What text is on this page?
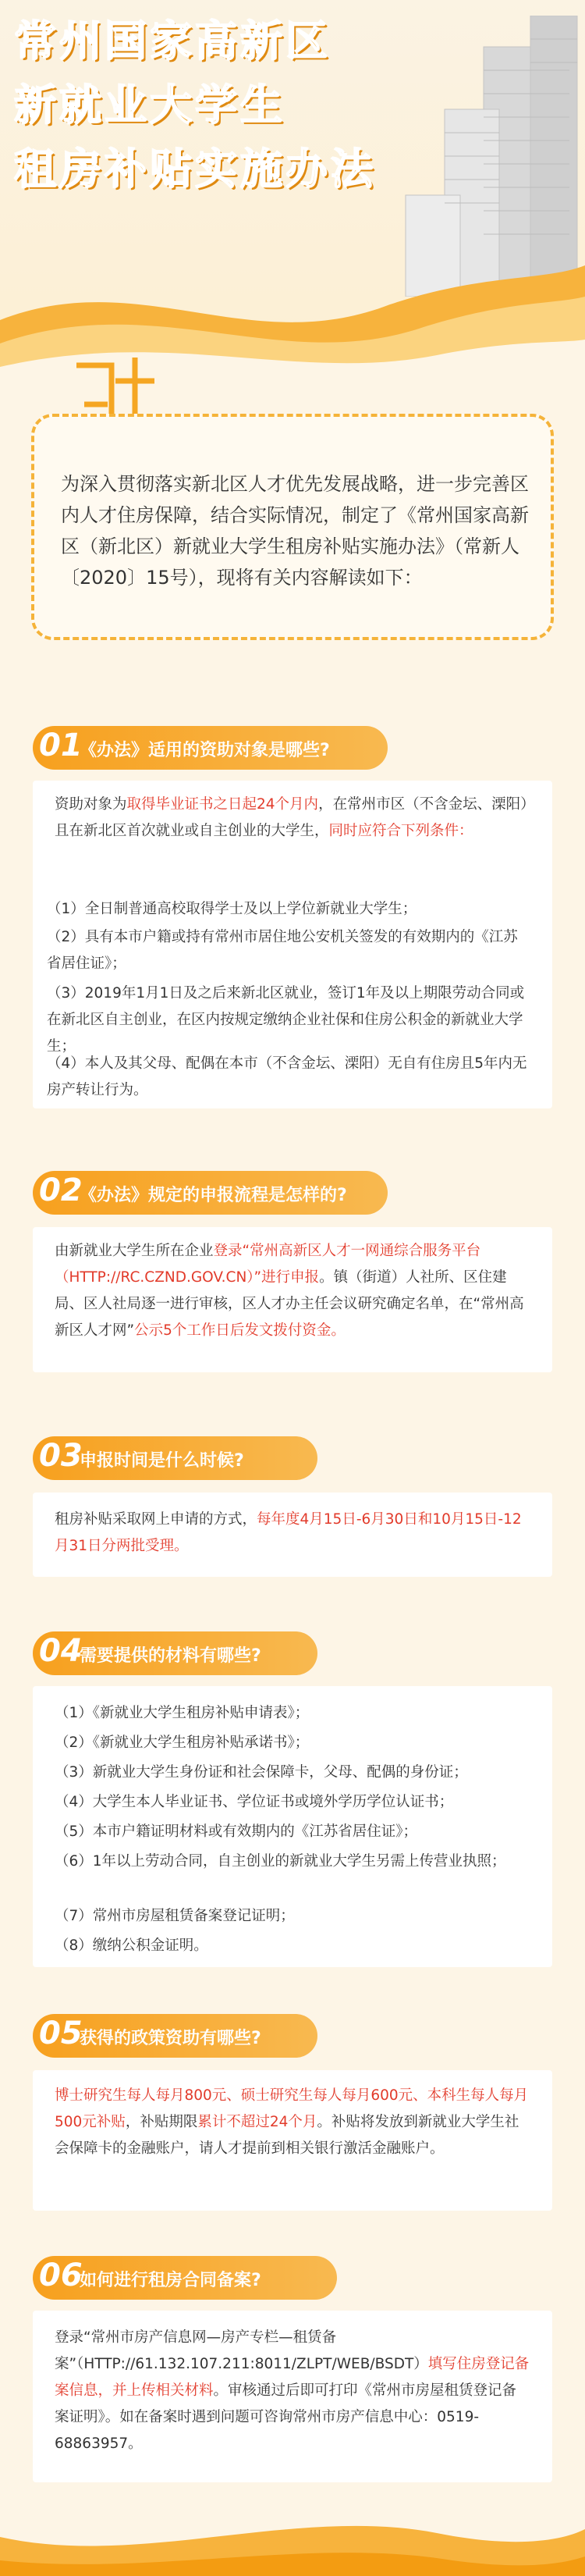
常州国家高新区
新就业大学生
租房补贴实施办法
为深入贯彻落实新北区人才优先发展战略，进一步完善区内人才住房保障，结合实际情况，制定了《常州国家高新区（新北区）新就业大学生租房补贴实施办法》（常新人〔2020〕15号），现将有关内容解读如下：
01
《办法》适用的资助对象是哪些?
资助对象为取得毕业证书之日起24个月内，在常州市区（不含金坛、溧阳）且在新北区首次就业或自主创业的大学生，同时应符合下列条件：
（1）全日制普通高校取得学士及以上学位新就业大学生；
（2）具有本市户籍或持有常州市居住地公安机关签发的有效期内的《江苏省居住证》；
（3）2019年1月1日及之后来新北区就业，签订1年及以上期限劳动合同或在新北区自主创业，在区内按规定缴纳企业社保和住房公积金的新就业大学生；
（4）本人及其父母、配偶在本市（不含金坛、溧阳）无自有住房且5年内无房产转让行为。
02
《办法》规定的申报流程是怎样的?
由新就业大学生所在企业登录“常州高新区人才一网通综合服务平台（HTTP://RC.CZND.GOV.CN）”进行申报。镇（街道）人社所、区住建局、区人社局逐一进行审核，区人才办主任会议研究确定名单，在“常州高新区人才网”公示5个工作日后发文拨付资金。
03
申报时间是什么时候?
租房补贴采取网上申请的方式，每年度4月15日-6月30日和10月15日-12月31日分两批受理。
04
需要提供的材料有哪些?
（1）《新就业大学生租房补贴申请表》；
（2）《新就业大学生租房补贴承诺书》；
（3）新就业大学生身份证和社会保障卡，父母、配偶的身份证；
（4）大学生本人毕业证书、学位证书或境外学历学位认证书；
（5）本市户籍证明材料或有效期内的《江苏省居住证》；
（6）1年以上劳动合同，自主创业的新就业大学生另需上传营业执照；
（7）常州市房屋租赁备案登记证明；
（8）缴纳公积金证明。
05
获得的政策资助有哪些?
博士研究生每人每月800元、硕士研究生每人每月600元、本科生每人每月500元补贴，补贴期限累计不超过24个月。补贴将发放到新就业大学生社会保障卡的金融账户，请人才提前到相关银行激活金融账户。
06
如何进行租房合同备案?
登录“常州市房产信息网—房产专栏—租赁备案”（HTTP://61.132.107.211:8011/ZLPT/WEB/BSDT）填写住房登记备案信息，并上传相关材料。审核通过后即可打印《常州市房屋租赁登记备案证明》。如在备案时遇到问题可咨询常州市房产信息中心：0519-68863957。
